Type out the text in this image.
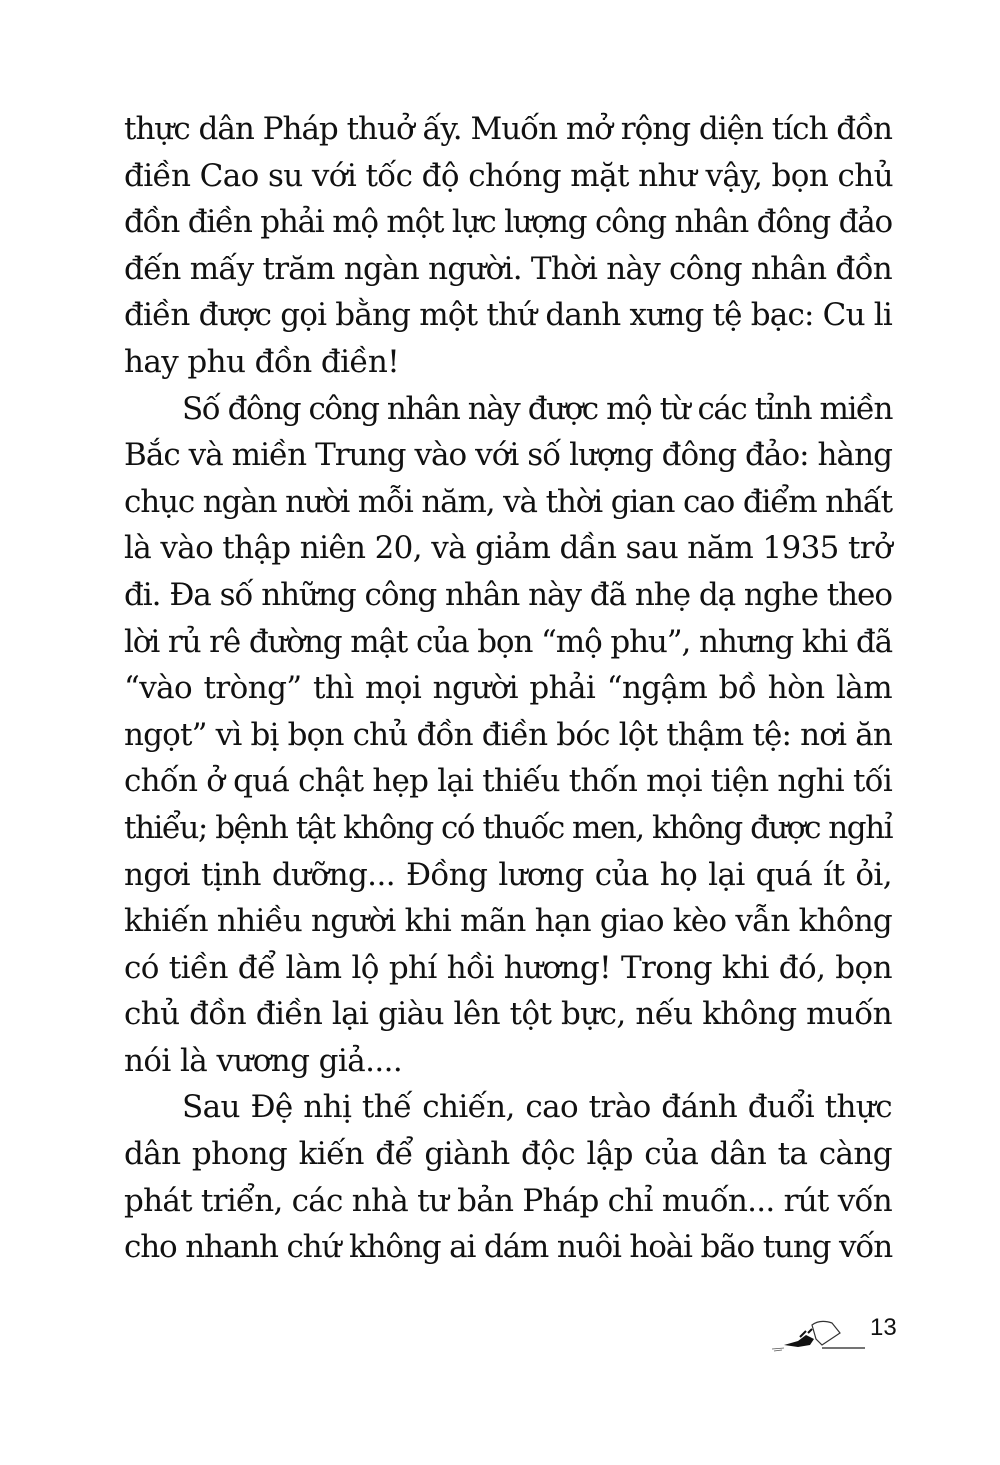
thực dân Pháp thuở ấy. Muốn mở rộng diện tích đồn
điền Cao su với tốc độ chóng mặt như vậy, bọn chủ
đồn điền phải mộ một lực lượng công nhân đông đảo
đến mấy trăm ngàn người. Thời này công nhân đồn
điền được gọi bằng một thứ danh xưng tệ bạc: Cu li
hay phu đồn điền!
Số đông công nhân này được mộ từ các tỉnh miền
Bắc và miền Trung vào với số lượng đông đảo: hàng
chục ngàn nười mỗi năm, và thời gian cao điểm nhất
là vào thập niên 20, và giảm dần sau năm 1935 trở
đi. Đa số những công nhân này đã nhẹ dạ nghe theo
lời rủ rê đường mật của bọn “mộ phu”, nhưng khi đã
“vào tròng” thì mọi người phải “ngậm bồ hòn làm
ngọt” vì bị bọn chủ đồn điền bóc lột thậm tệ: nơi ăn
chốn ở quá chật hẹp lại thiếu thốn mọi tiện nghi tối
thiểu; bệnh tật không có thuốc men, không được nghỉ
ngơi tịnh dưỡng... Đồng lương của họ lại quá ít ỏi,
khiến nhiều người khi mãn hạn giao kèo vẫn không
có tiền để làm lộ phí hồi hương! Trong khi đó, bọn
chủ đồn điền lại giàu lên tột bực, nếu không muốn
nói là vương giả....
Sau Đệ nhị thế chiến, cao trào đánh đuổi thực
dân phong kiến để giành độc lập của dân ta càng
phát triển, các nhà tư bản Pháp chỉ muốn... rút vốn
cho nhanh chứ không ai dám nuôi hoài bão tung vốn
13
